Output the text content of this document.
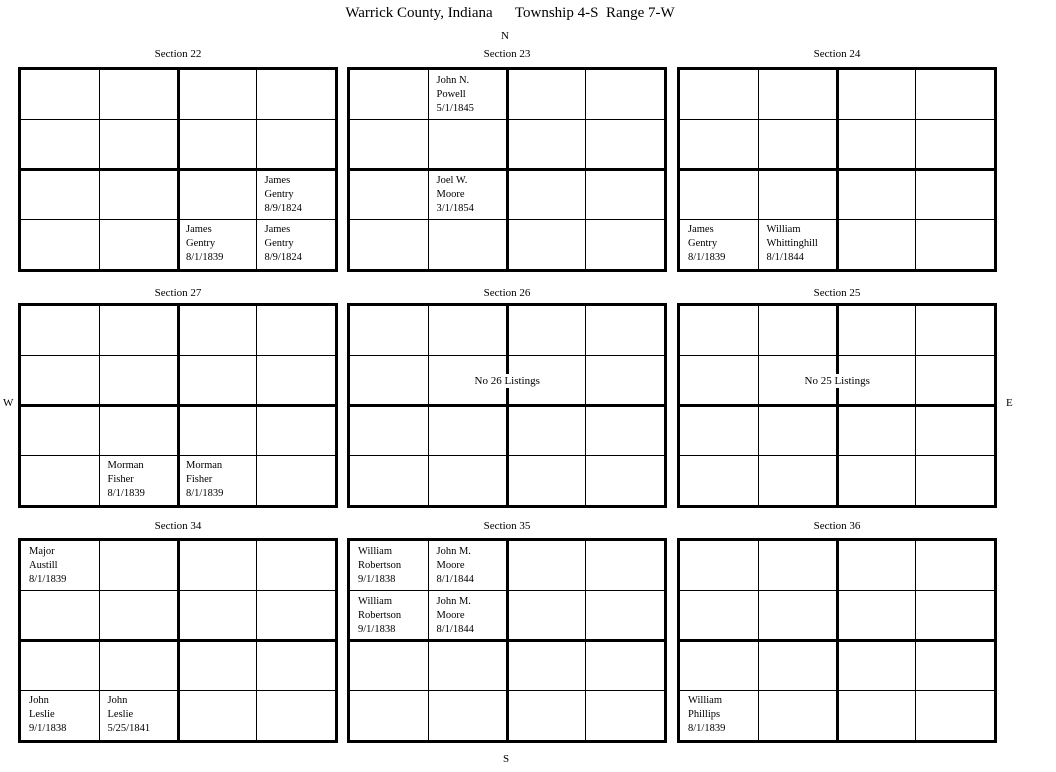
Warrick County, Indiana      Township 4-S  Range 7-W
N
S
E
W
Section 22
James
Gentry
8/9/1824
James
Gentry
8/1/1839
James
Gentry
8/9/1824
Section 23
John N.
Powell
5/1/1845
Joel W.
Moore
3/1/1854
Section 24
James
Gentry
8/1/1839
William
Whittinghill
8/1/1844
Section 27
Morman
Fisher
8/1/1839
Morman
Fisher
8/1/1839
Section 26
No 26 Listings
Section 25
No 25 Listings
Section 34
Major
Austill
8/1/1839
John
Leslie
9/1/1838
John
Leslie
5/25/1841
Section 35
William
Robertson
9/1/1838
John M.
Moore
8/1/1844
William
Robertson
9/1/1838
John M.
Moore
8/1/1844
Section 36
William
Phillips
8/1/1839
